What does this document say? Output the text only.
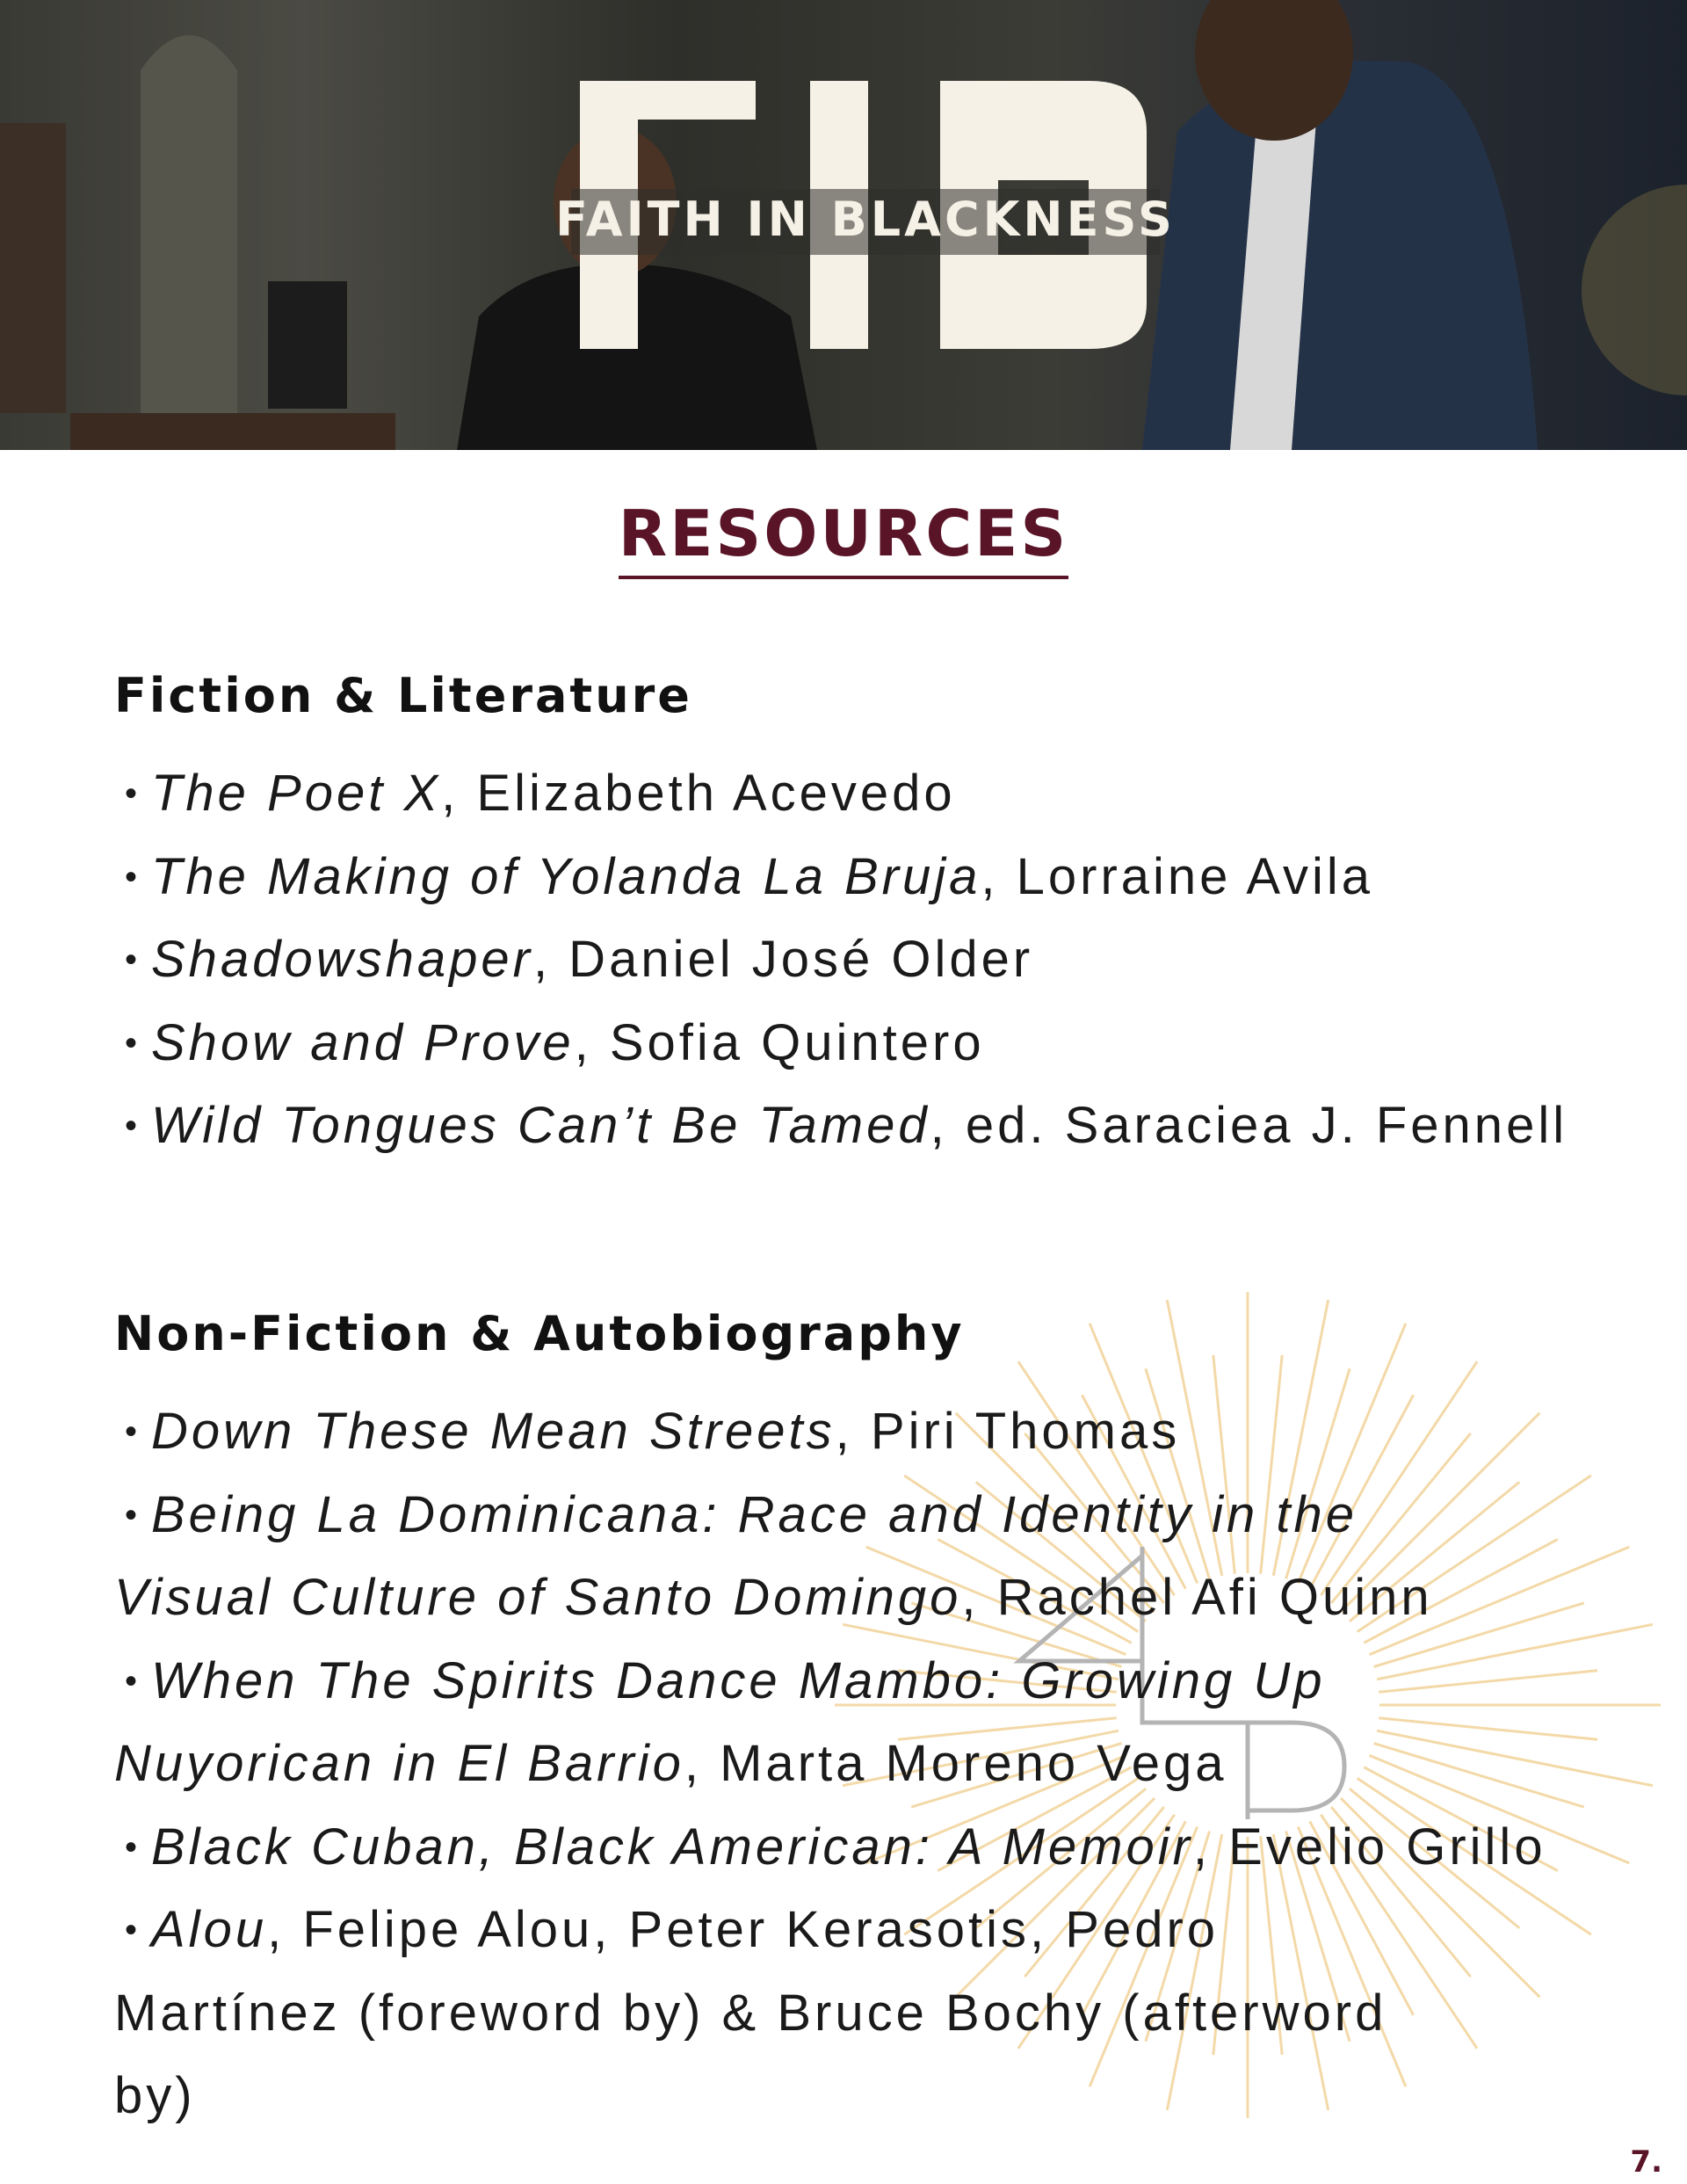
FAITH IN BLACKNESS
4P
RESOURCES
Fiction & Literature
• The Poet X, Elizabeth Acevedo
• The Making of Yolanda La Bruja, Lorraine Avila
• Shadowshaper, Daniel José Older
• Show and Prove, Sofia Quintero
• Wild Tongues Can’t Be Tamed, ed. Saraciea J. Fennell
Non-Fiction & Autobiography
• Down These Mean Streets, Piri Thomas
• Being La Dominicana: Race and Identity in the Visual Culture of Santo Domingo, Rachel Afi Quinn
• When The Spirits Dance Mambo: Growing Up Nuyorican in El Barrio, Marta Moreno Vega
• Black Cuban, Black American: A Memoir, Evelio Grillo
• Alou, Felipe Alou, Peter Kerasotis, Pedro Martínez (foreword by) & Bruce Bochy (afterword by)
7.
